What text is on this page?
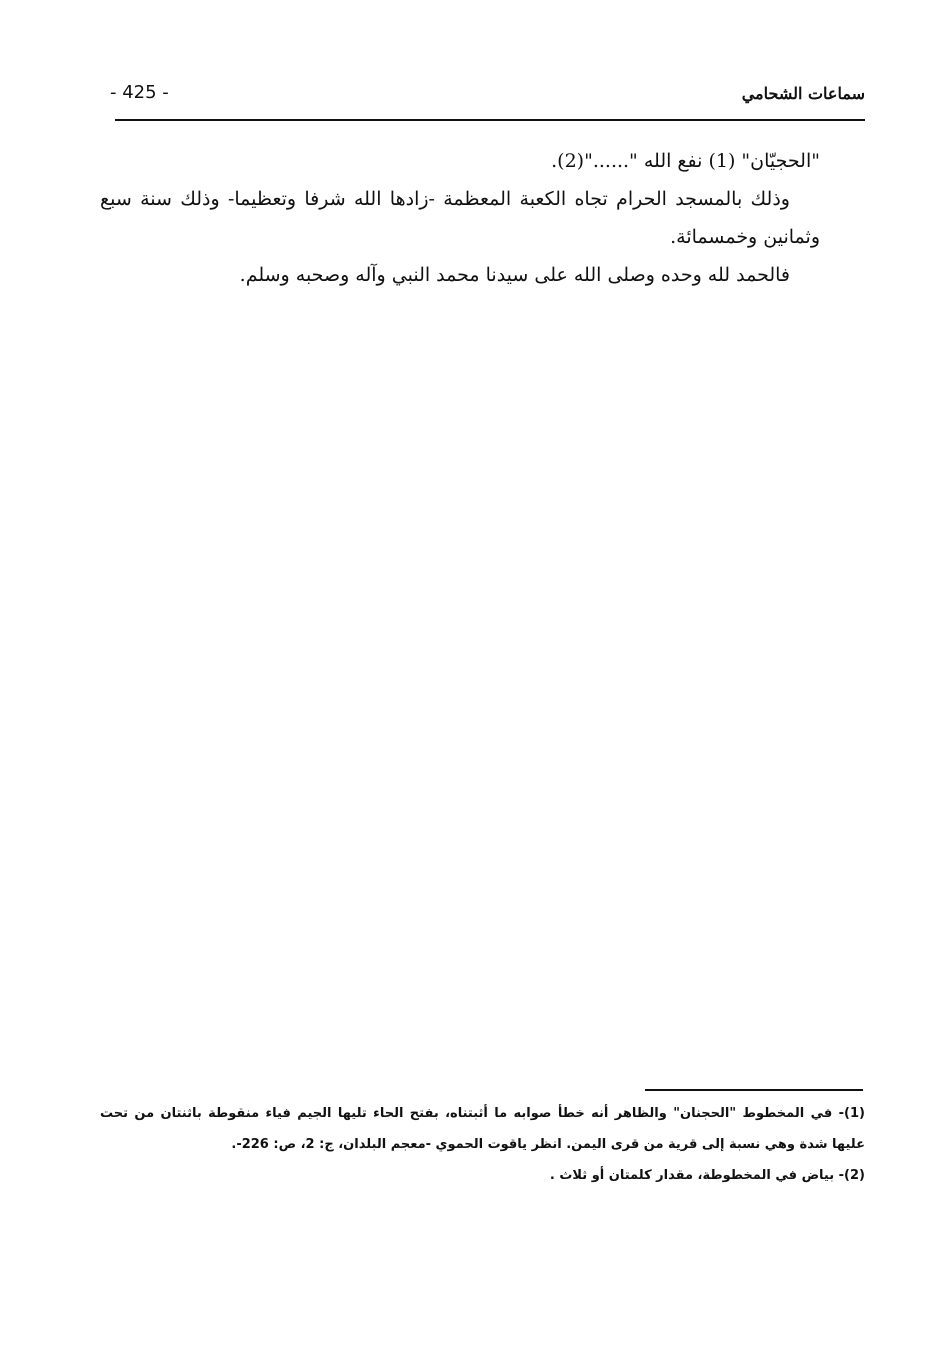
- 425 -	سماعات الشحامي

"الحجيّان" (1) نفع الله "......"(2).

وذلك بالمسجد الحرام تجاه الكعبة المعظمة -زادها الله شرفا وتعظيما- وذلك سنة سبع وثمانين وخمسمائة.

فالحمد لله وحده وصلى الله على سيدنا محمد النبي وآله وصحبه وسلم.

(1)- في المخطوط "الحجنان" والظاهر أنه خطأ صوابه ما أثبتناه، بفتح الحاء تليها الجيم فياء منقوطة باثنتان من تحت عليها شدة وهي نسبة إلى قرية من قرى اليمن. انظر ياقوت الحموي -معجم البلدان، ج: 2، ص: 226-.

(2)- بياض في المخطوطة، مقدار كلمتان أو ثلاث .
